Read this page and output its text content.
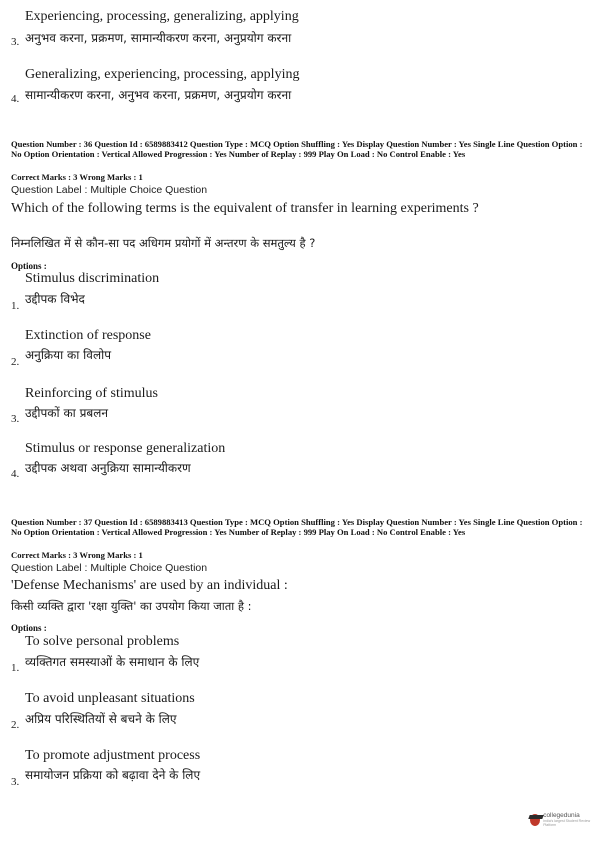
Experiencing, processing, generalizing, applying
3. अनुभव करना, प्रक्रमण, सामान्यीकरण करना, अनुप्रयोग करना
Generalizing, experiencing, processing, applying
4. सामान्यीकरण करना, अनुभव करना, प्रक्रमण, अनुप्रयोग करना
Question Number : 36 Question Id : 6589883412 Question Type : MCQ Option Shuffling : Yes Display Question Number : Yes Single Line Question Option : No Option Orientation : Vertical Allowed Progression : Yes Number of Replay : 999 Play On Load : No Control Enable : Yes
Correct Marks : 3 Wrong Marks : 1
Question Label : Multiple Choice Question
Which of the following terms is the equivalent of transfer in learning experiments ?
निम्नलिखित में से कौन-सा पद अधिगम प्रयोगों में अन्तरण के समतुल्य है ?
Options :
Stimulus discrimination
1. उद्दीपक विभेद
Extinction of response
2. अनुक्रिया का विलोप
Reinforcing of stimulus
3. उद्दीपकों का प्रबलन
Stimulus or response generalization
4. उद्दीपक अथवा अनुक्रिया सामान्यीकरण
Question Number : 37 Question Id : 6589883413 Question Type : MCQ Option Shuffling : Yes Display Question Number : Yes Single Line Question Option : No Option Orientation : Vertical Allowed Progression : Yes Number of Replay : 999 Play On Load : No Control Enable : Yes
Correct Marks : 3 Wrong Marks : 1
Question Label : Multiple Choice Question
'Defense Mechanisms' are used by an individual :
किसी व्यक्ति द्वारा 'रक्षा युक्ति' का उपयोग किया जाता है :
Options :
To solve personal problems
1. व्यक्तिगत समस्याओं के समाधान के लिए
To avoid unpleasant situations
2. अप्रिय परिस्थितियों से बचने के लिए
To promote adjustment process
3. समायोजन प्रक्रिया को बढ़ावा देने के लिए
collegedunia
India's largest Student Review Platform
